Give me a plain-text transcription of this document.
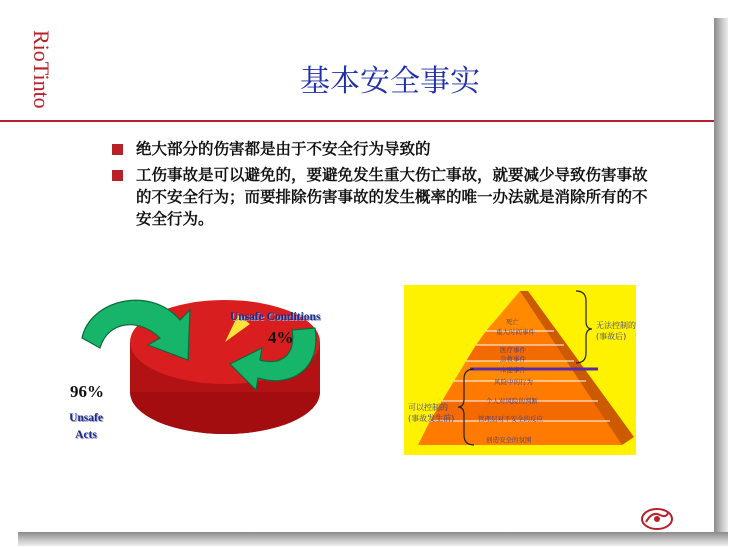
RioTinto	基本安全事实
绝大部分的伤害都是由于不安全行为导致的
工伤事故是可以避免的，要避免发生重大伤亡事故，就要减少导致伤害事故的不安全行为；而要排除伤害事故的发生概率的唯一办法就是消除所有的不安全行为。
Unsafe Conditions
4%
96%
Unsafe
Acts
死亡
重大时间事件
医疗事件
急救事件
未遂事件
风险中的行为
个人对风险的判断
管理层对不安全的反应
创造安全的氛围
无法控制的
(事故后)
可以控制的
(事故发生前)
